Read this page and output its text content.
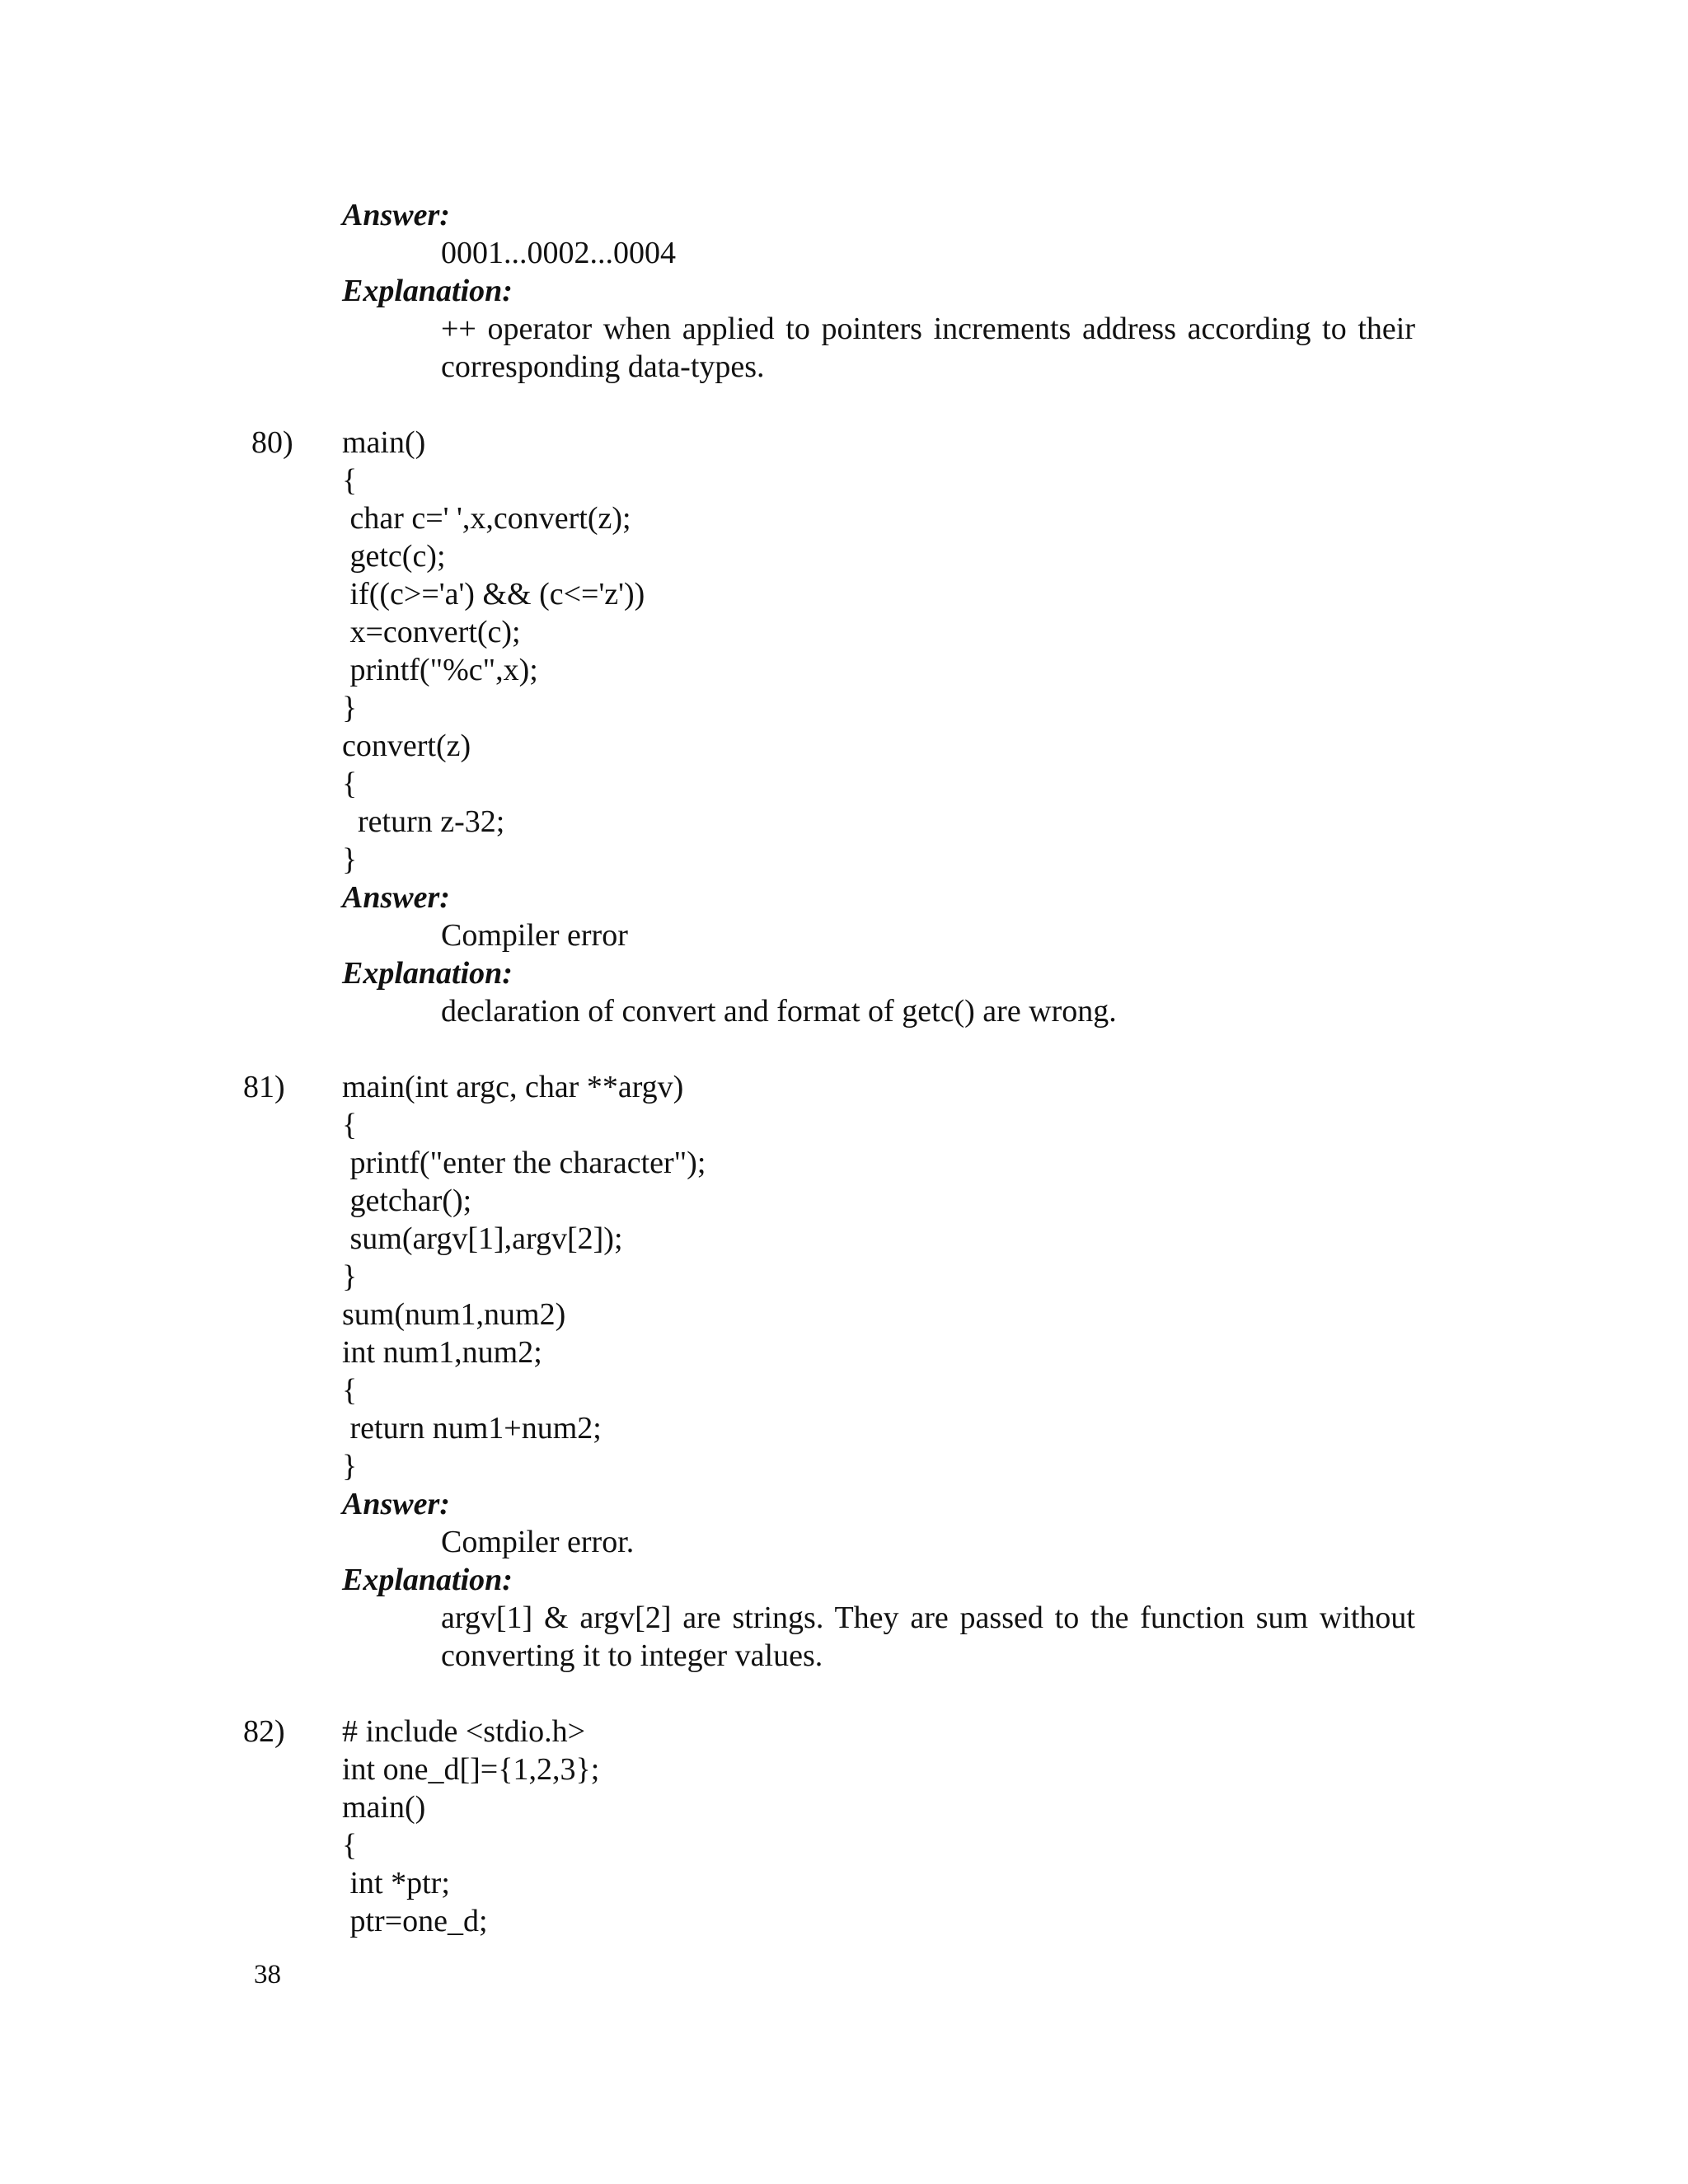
Answer:
0001...0002...0004
Explanation:
++ operator when applied to pointers increments address according to their
corresponding data-types.
80) main()
{
char c=' ',x,convert(z);
getc(c);
if((c>='a') && (c<='z'))
x=convert(c);
printf("%c",x);
}
convert(z)
{
return z-32;
}
Answer:
Compiler error
Explanation:
declaration of convert and format of getc() are wrong.
81) main(int argc, char **argv)
{
printf("enter the character");
getchar();
sum(argv[1],argv[2]);
}
sum(num1,num2)
int num1,num2;
{
return num1+num2;
}
Answer:
Compiler error.
Explanation:
argv[1] & argv[2] are strings. They are passed to the function sum without
converting it to integer values.
82) # include <stdio.h>
int one_d[]={1,2,3};
main()
{
int *ptr;
ptr=one_d;
38
